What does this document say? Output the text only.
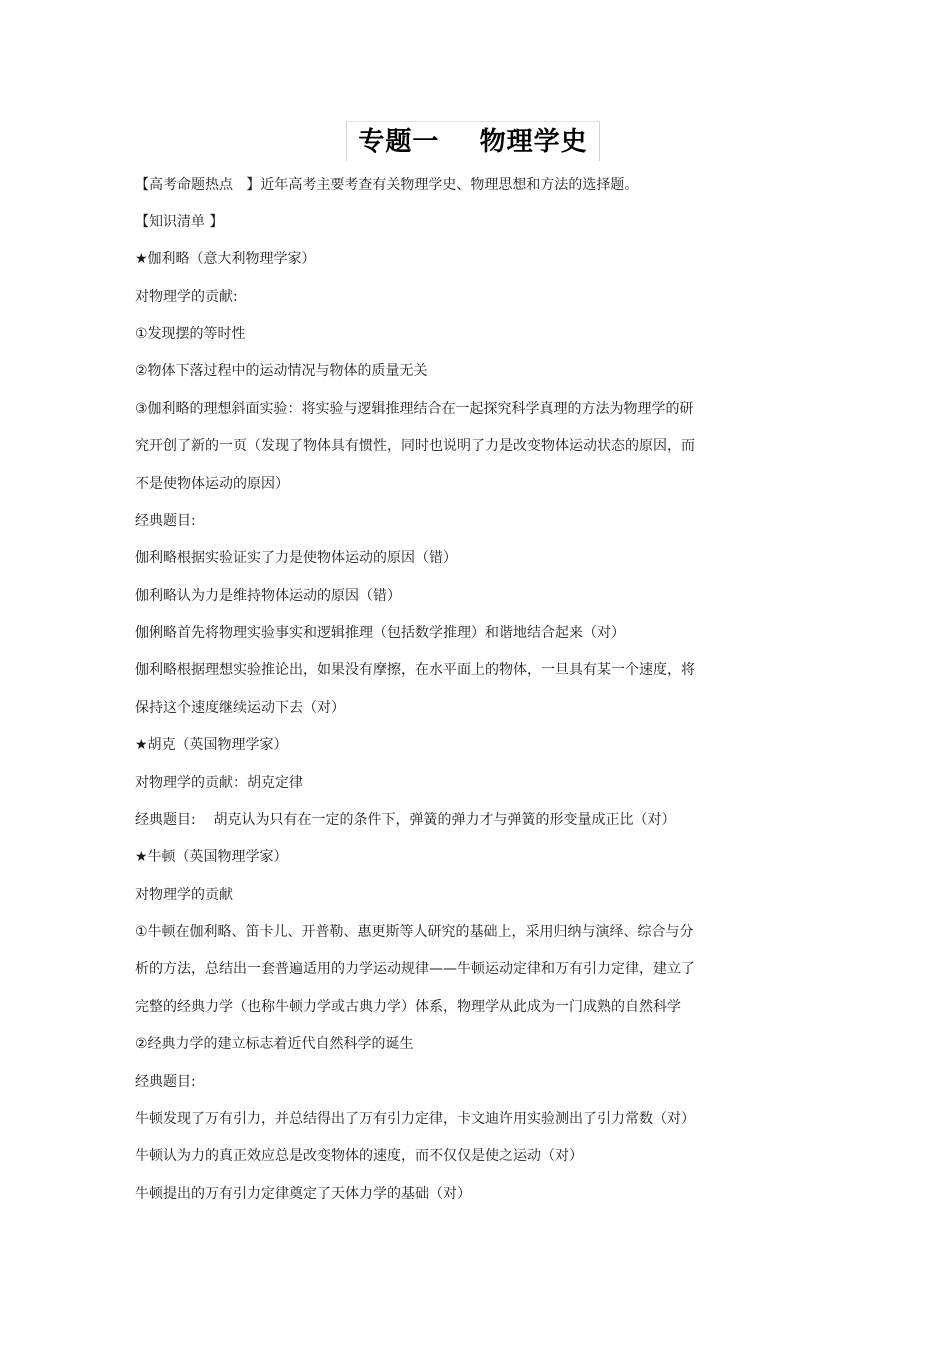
专题一    物理学史
【高考命题热点   】近年高考主要考查有关物理学史、物理思想和方法的选择题。
【知识清单 】
★伽利略（意大利物理学家）
对物理学的贡献:
①发现摆的等时性
②物体下落过程中的运动情况与物体的质量无关
③伽利略的理想斜面实验：将实验与逻辑推理结合在一起探究科学真理的方法为物理学的研
究开创了新的一页（发现了物体具有惯性，同时也说明了力是改变物体运动状态的原因，而
不是使物体运动的原因）
经典题目:
伽利略根据实验证实了力是使物体运动的原因（错）
伽利略认为力是维持物体运动的原因（错）
伽俐略首先将物理实验事实和逻辑推理（包括数学推理）和谐地结合起来（对）
伽利略根据理想实验推论出，如果没有摩擦，在水平面上的物体，一旦具有某一个速度，将
保持这个速度继续运动下去（对）
★胡克（英国物理学家）
对物理学的贡献：胡克定律
经典题目:    胡克认为只有在一定的条件下，弹簧的弹力才与弹簧的形变量成正比（对）
★牛顿（英国物理学家）
对物理学的贡献
①牛顿在伽利略、笛卡儿、开普勒、惠更斯等人研究的基础上，采用归纳与演绎、综合与分
析的方法，总结出一套普遍适用的力学运动规律——牛顿运动定律和万有引力定律，建立了
完整的经典力学（也称牛顿力学或古典力学）体系，物理学从此成为一门成熟的自然科学
②经典力学的建立标志着近代自然科学的诞生
经典题目:
牛顿发现了万有引力，并总结得出了万有引力定律，卡文迪许用实验测出了引力常数（对）
牛顿认为力的真正效应总是改变物体的速度，而不仅仅是使之运动（对）
牛顿提出的万有引力定律奠定了天体力学的基础（对）
